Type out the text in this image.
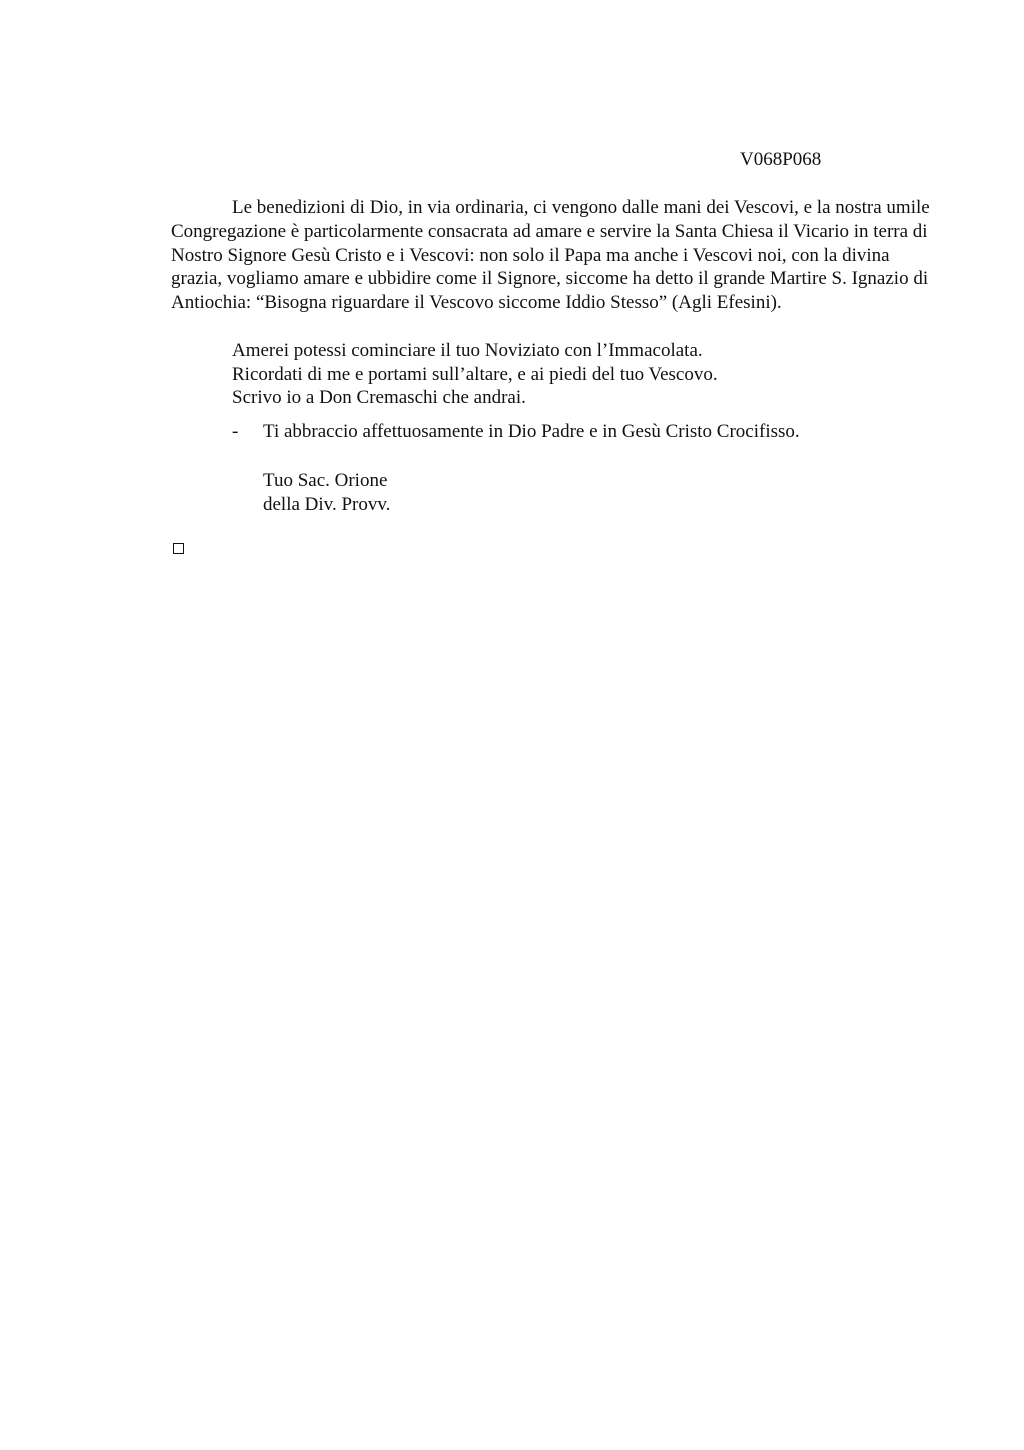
V068P068

Le benedizioni di Dio, in via ordinaria, ci vengono dalle mani dei Vescovi, e la nostra umile Congregazione è particolarmente consacrata ad amare e servire la Santa Chiesa il Vicario in terra di Nostro Signore Gesù Cristo e i Vescovi: non solo il Papa ma anche i Vescovi noi, con la divina grazia, vogliamo amare e ubbidire come il Signore, siccome ha detto il grande Martire S. Ignazio di Antiochia: “Bisogna riguardare il Vescovo siccome Iddio Stesso” (Agli Efesini).

Amerei potessi cominciare il tuo Noviziato con l’Immacolata.
Ricordati di me e portami sull’altare, e ai piedi del tuo Vescovo.
Scrivo io a Don Cremaschi che andrai.
- Ti abbraccio affettuosamente in Dio Padre e in Gesù Cristo Crocifisso.
Tuo Sac. Orione
della Div. Provv.
